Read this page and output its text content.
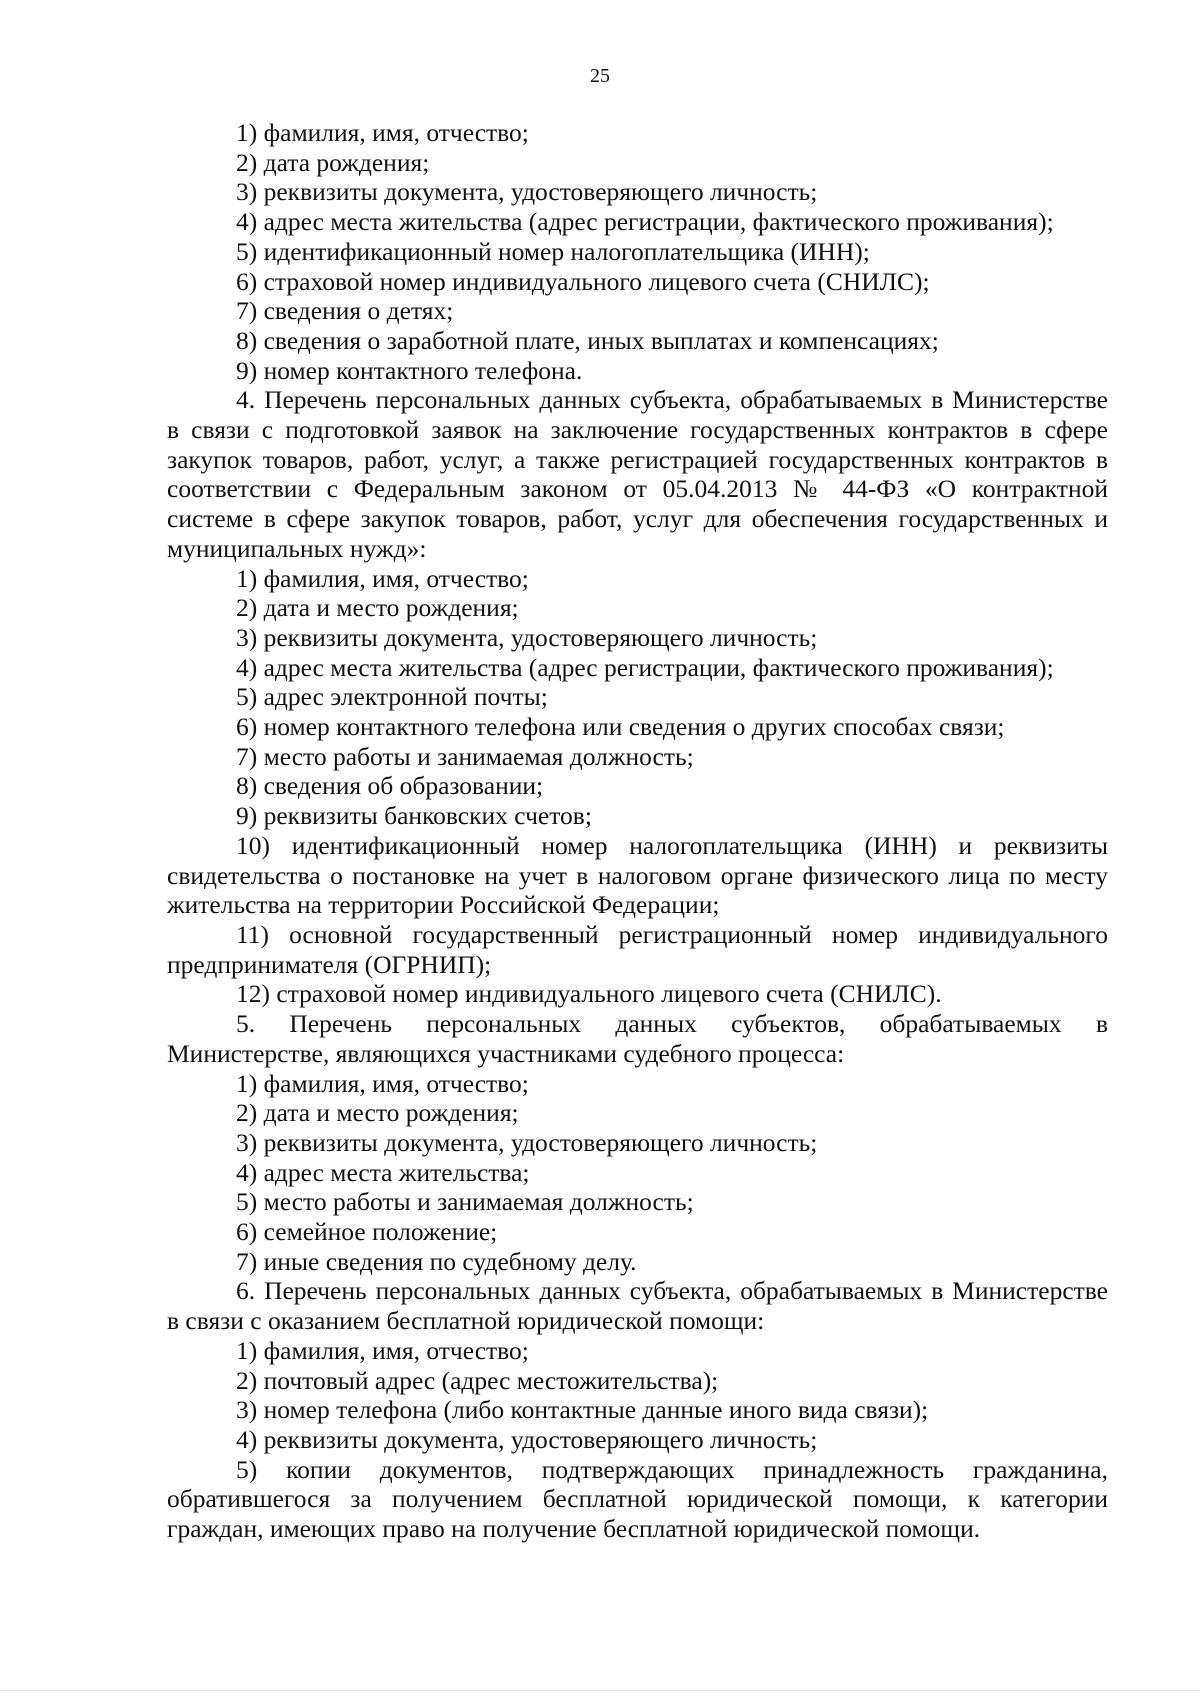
25
1) фамилия, имя, отчество;
2) дата рождения;
3) реквизиты документа, удостоверяющего личность;
4) адрес места жительства (адрес регистрации, фактического проживания);
5) идентификационный номер налогоплательщика (ИНН);
6) страховой номер индивидуального лицевого счета (СНИЛС);
7) сведения о детях;
8) сведения о заработной плате, иных выплатах и компенсациях;
9) номер контактного телефона.
4. Перечень персональных данных субъекта, обрабатываемых в Министерстве
в связи с подготовкой заявок на заключение государственных контрактов в сфере
закупок товаров, работ, услуг, а также регистрацией государственных контрактов в
соответствии с Федеральным законом от 05.04.2013 № 44-ФЗ «О контрактной
системе в сфере закупок товаров, работ, услуг для обеспечения государственных и
муниципальных нужд»:
1) фамилия, имя, отчество;
2) дата и место рождения;
3) реквизиты документа, удостоверяющего личность;
4) адрес места жительства (адрес регистрации, фактического проживания);
5) адрес электронной почты;
6) номер контактного телефона или сведения о других способах связи;
7) место работы и занимаемая должность;
8) сведения об образовании;
9) реквизиты банковских счетов;
10) идентификационный номер налогоплательщика (ИНН) и реквизиты
свидетельства о постановке на учет в налоговом органе физического лица по месту
жительства на территории Российской Федерации;
11) основной государственный регистрационный номер индивидуального
предпринимателя (ОГРНИП);
12) страховой номер индивидуального лицевого счета (СНИЛС).
5. Перечень персональных данных субъектов, обрабатываемых в
Министерстве, являющихся участниками судебного процесса:
1) фамилия, имя, отчество;
2) дата и место рождения;
3) реквизиты документа, удостоверяющего личность;
4) адрес места жительства;
5) место работы и занимаемая должность;
6) семейное положение;
7) иные сведения по судебному делу.
6. Перечень персональных данных субъекта, обрабатываемых в Министерстве
в связи с оказанием бесплатной юридической помощи:
1) фамилия, имя, отчество;
2) почтовый адрес (адрес местожительства);
3) номер телефона (либо контактные данные иного вида связи);
4) реквизиты документа, удостоверяющего личность;
5) копии документов, подтверждающих принадлежность гражданина,
обратившегося за получением бесплатной юридической помощи, к категории
граждан, имеющих право на получение бесплатной юридической помощи.
